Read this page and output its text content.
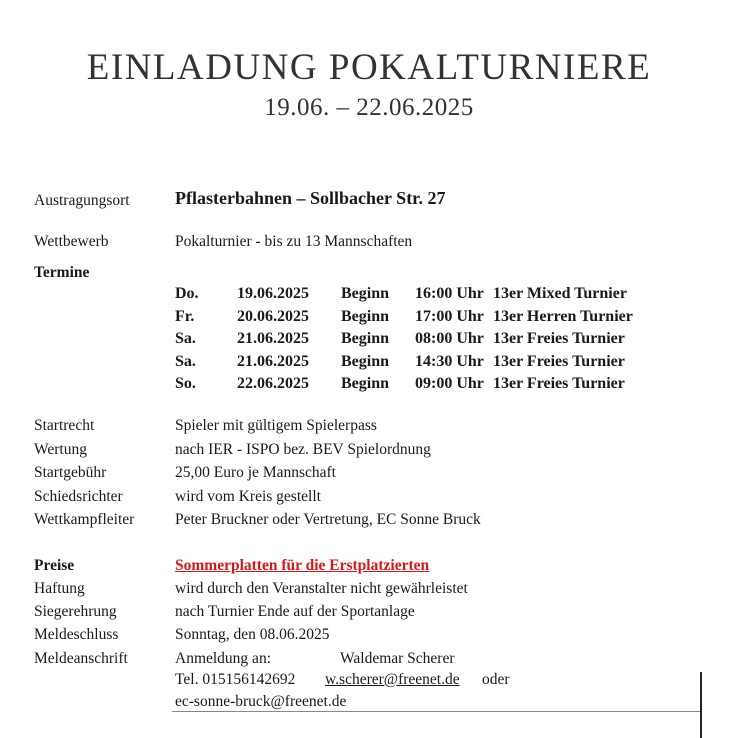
EINLADUNG POKALTURNIERE
19.06. – 22.06.2025
Austragungsort	Pflasterbahnen – Sollbacher Str. 27
Wettbewerb	Pokalturnier - bis zu 13 Mannschaften
Termine
Do.	19.06.2025	Beginn	16:00 Uhr	13er Mixed Turnier
Fr.	20.06.2025	Beginn	17:00 Uhr	13er Herren Turnier
Sa.	21.06.2025	Beginn	08:00 Uhr	13er Freies Turnier
Sa.	21.06.2025	Beginn	14:30 Uhr	13er Freies Turnier
So.	22.06.2025	Beginn	09:00 Uhr	13er Freies Turnier
Startrecht	Spieler mit gültigem Spielerpass
Wertung	nach IER - ISPO bez. BEV Spielordnung
Startgebühr	25,00 Euro je Mannschaft
Schiedsrichter	wird vom Kreis gestellt
Wettkampfleiter	Peter Bruckner oder Vertretung, EC Sonne Bruck
Preise	Sommerplatten für die Erstplatzierten
Haftung	wird durch den Veranstalter nicht gewährleistet
Siegerehrung	nach Turnier Ende auf der Sportanlage
Meldeschluss	Sonntag, den 08.06.2025
Meldeanschrift	Anmeldung an:	Waldemar Scherer
Tel. 015156142692 w.scherer@freenet.de oder
ec-sonne-bruck@freenet.de
